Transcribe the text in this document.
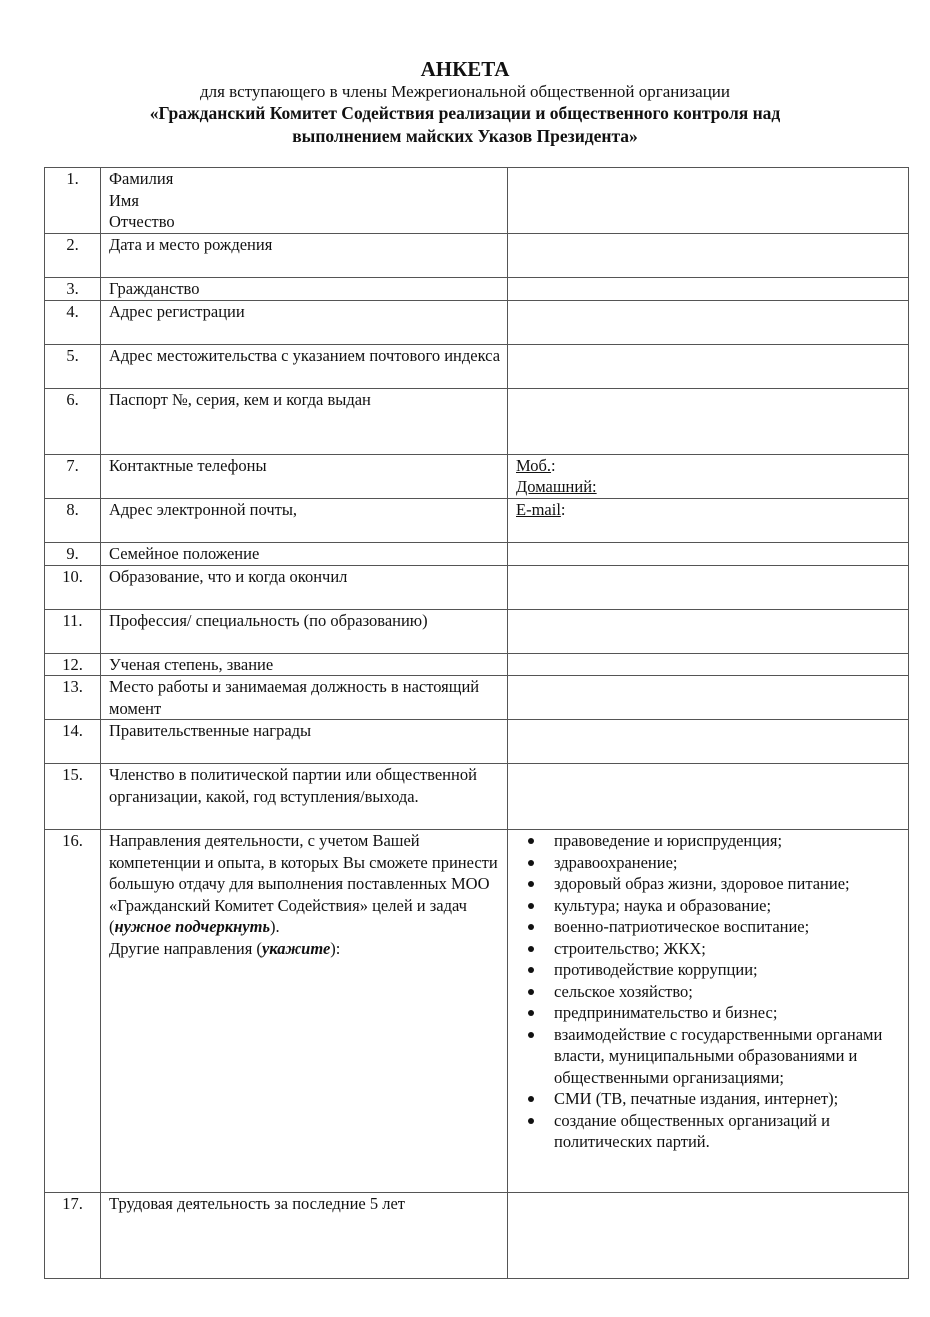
АНКЕТА
для вступающего в члены Межрегиональной общественной организации
«Гражданский Комитет Содействия реализации и общественного контроля над
выполнением майских Указов Президента»
1.	Фамилия
Имя
Отчество	

2.	Дата и место рождения	
3.	Гражданство	
4.	Адрес регистрации	
5.	Адрес местожительства с указанием почтового индекса	
6.	Паспорт №, серия, кем и когда выдан	
7.	Контактные телефоны	Моб.:
Домашний:

8.	Адрес электронной почты,	E-mail:

9.	Семейное положение	
10.	Образование, что и когда окончил	
11.	Профессия/ специальность (по образованию)	
12.	Ученая степень, звание	
13.	Место работы и занимаемая должность в настоящий момент	
14.	Правительственные награды	
15.	Членство в политической партии или общественной организации, какой, год вступления/выхода.	
16.	Направления деятельности, с учетом Вашей компетенции и опыта, в которых Вы сможете принести большую отдачу для выполнения поставленных МОО «Гражданский Комитет Содействия» целей и задач (нужное подчеркнуть).
Другие направления (укажите):

правоведение и юриспруденция;
здравоохранение;
здоровый образ жизни, здоровое питание;
культура; наука и образование;
военно-патриотическое воспитание;
строительство; ЖКХ;
противодействие коррупции;
сельское хозяйство;
предпринимательство и бизнес;
взаимодействие с государственными органами власти, муниципальными образованиями и общественными организациями;
СМИ (ТВ, печатные издания, интернет);
создание общественных организаций и политических партий.

17.	Трудовая деятельность за последние 5 лет	
